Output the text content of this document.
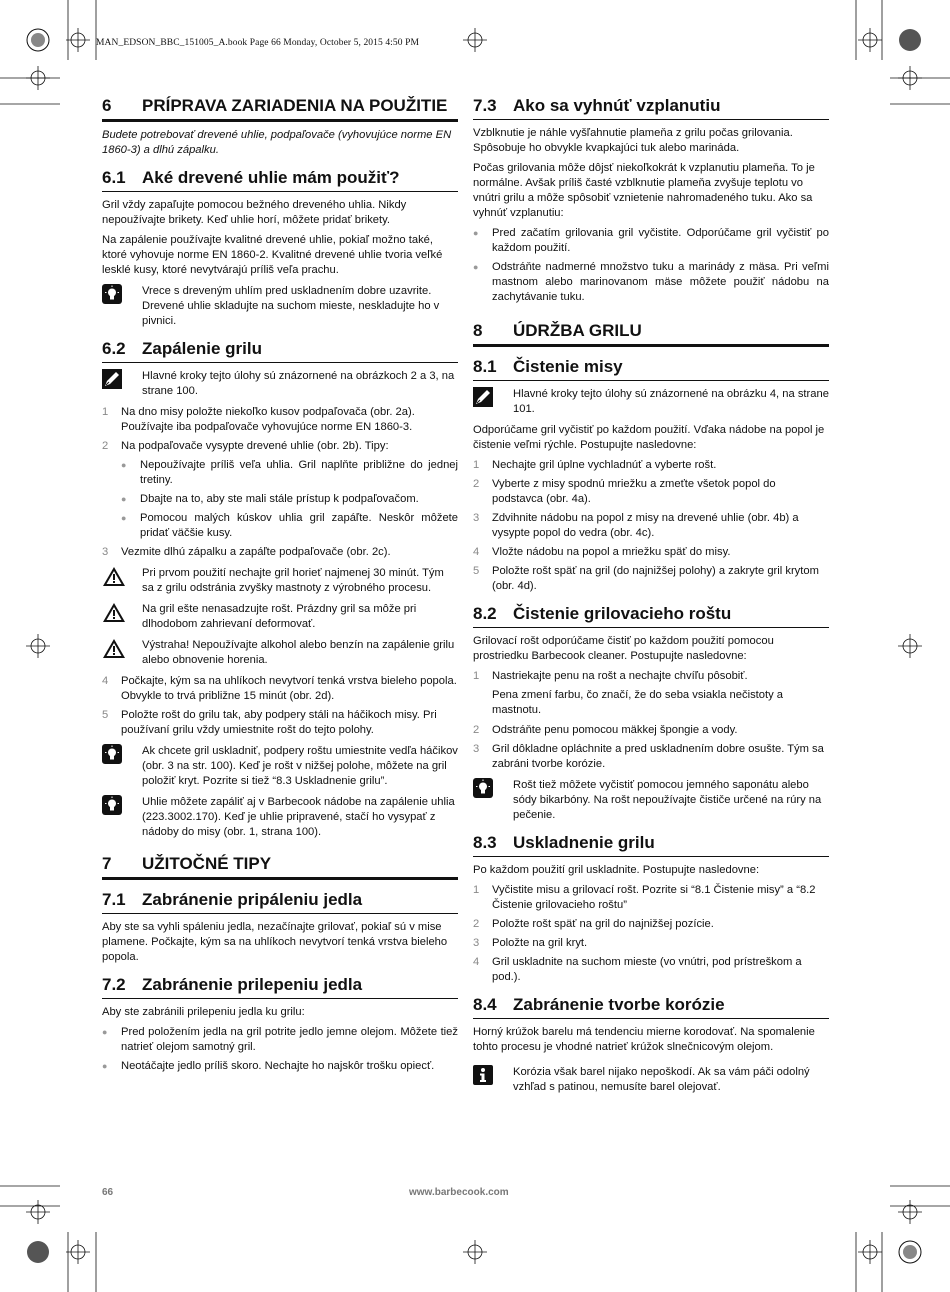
MAN_EDSON_BBC_151005_A.book Page 66 Monday, October 5, 2015 4:50 PM
6	PRÍPRAVA ZARIADENIA NA POUŽITIE

Budete potrebovať drevené uhlie, podpaľovače (vyhovujúce norme EN 1860-3) a dlhú zápalku.

6.1 Aké drevené uhlie mám použiť?

Gril vždy zapaľujte pomocou bežného dreveného uhlia. Nikdy nepoužívajte brikety. Keď uhlie horí, môžete pridať brikety.

Na zapálenie používajte kvalitné drevené uhlie, pokiaľ možno také, ktoré vyhovuje norme EN 1860-2. Kvalitné drevené uhlie tvoria veľké lesklé kusy, ktoré nevytvárajú príliš veľa prachu.

Vrece s dreveným uhlím pred uskladnením dobre uzavrite. Drevené uhlie skladujte na suchom mieste, neskladujte ho v pivnici.
6.2 Zapálenie grilu
Hlavné kroky tejto úlohy sú znázornené na obrázkoch 2 a 3, na strane 100.
1	Na dno misy položte niekoľko kusov podpaľovača (obr. 2a). Používajte iba podpaľovače vyhovujúce norme EN 1860-3.
2	Na podpaľovače vysypte drevené uhlie (obr. 2b). Tipy:
●	Nepoužívajte príliš veľa uhlia. Gril naplňte približne do jednej tretiny.
●	Dbajte na to, aby ste mali stále prístup k podpaľovačom.
●	Pomocou malých kúskov uhlia gril zapáľte. Neskôr môžete pridať väčšie kusy.
3	Vezmite dlhú zápalku a zapáľte podpaľovače (obr. 2c).
Pri prvom použití nechajte gril horieť najmenej 30 minút. Tým sa z grilu odstránia zvyšky mastnoty z výrobného procesu.
Na gril ešte nenasadzujte rošt. Prázdny gril sa môže pri dlhodobom zahrievaní deformovať.
Výstraha! Nepoužívajte alkohol alebo benzín na zapálenie grilu alebo obnovenie horenia.
4	Počkajte, kým sa na uhlíkoch nevytvorí tenká vrstva bieleho popola. Obvykle to trvá približne 15 minút (obr. 2d).
5	Položte rošt do grilu tak, aby podpery stáli na háčikoch misy. Pri používaní grilu vždy umiestnite rošt do tejto polohy.
Ak chcete gril uskladniť, podpery roštu umiestnite vedľa háčikov (obr. 3 na str. 100). Keď je rošt v nižšej polohe, môžete na gril položiť kryt. Pozrite si tiež “8.3 Uskladnenie grilu”.
Uhlie môžete zapáliť aj v Barbecook nádobe na zapálenie uhlia (223.3002.170). Keď je uhlie pripravené, stačí ho vysypať z nádoby do misy (obr. 1, strana 100).
7	UŽITOČNÉ TIPY
7.1 Zabránenie pripáleniu jedla

Aby ste sa vyhli spáleniu jedla, nezačínajte grilovať, pokiaľ sú v mise plamene. Počkajte, kým sa na uhlíkoch nevytvorí tenká vrstva bieleho popola.

7.2 Zabránenie prilepeniu jedla

Aby ste zabránili prilepeniu jedla ku grilu:

●	Pred položením jedla na gril potrite jedlo jemne olejom. Môžete tiež natrieť olejom samotný gril.
●	Neotáčajte jedlo príliš skoro. Nechajte ho najskôr trošku opiecť.
7.3 Ako sa vyhnúť vzplanutiu

Vzblknutie je náhle vyšľahnutie plameňa z grilu počas grilovania. Spôsobuje ho obvykle kvapkajúci tuk alebo marináda.

Počas grilovania môže dôjsť niekoľkokrát k vzplanutiu plameňa. To je normálne. Avšak príliš časté vzblknutie plameňa zvyšuje teplotu vo vnútri grilu a môže spôsobiť vznietenie nahromadeného tuku. Ako sa vyhnúť vzplanutiu:

●	Pred začatím grilovania gril vyčistite. Odporúčame gril vyčistiť po každom použití.
●	Odstráňte nadmerné množstvo tuku a marinády z mäsa. Pri veľmi mastnom alebo marinovanom mäse môžete použiť nádobu na zachytávanie tuku.
8	ÚDRŽBA GRILU
8.1 Čistenie misy
Hlavné kroky tejto úlohy sú znázornené na obrázku 4, na strane 101.

Odporúčame gril vyčistiť po každom použití. Vďaka nádobe na popol je čistenie veľmi rýchle. Postupujte nasledovne:

1	Nechajte gril úplne vychladnúť a vyberte rošt.
2	Vyberte z misy spodnú mriežku a zmeťte všetok popol do podstavca (obr. 4a).
3	Zdvihnite nádobu na popol z misy na drevené uhlie (obr. 4b) a vysypte popol do vedra (obr. 4c).
4	Vložte nádobu na popol a mriežku späť do misy.
5	Položte rošt späť na gril (do najnižšej polohy) a zakryte gril krytom (obr. 4d).
8.2 Čistenie grilovacieho roštu

Grilovací rošt odporúčame čistiť po každom použití pomocou prostriedku Barbecook cleaner. Postupujte nasledovne:

1	Nastriekajte penu na rošt a nechajte chvíľu pôsobiť.

Pena zmení farbu, čo značí, že do seba vsiakla nečistoty a mastnotu.

2	Odstráňte penu pomocou mäkkej špongie a vody.
3	Gril dôkladne opláchnite a pred uskladnením dobre osušte. Tým sa zabráni tvorbe korózie.
Rošt tiež môžete vyčistiť pomocou jemného saponátu alebo sódy bikarbóny. Na rošt nepoužívajte čističe určené na rúry na pečenie.
8.3 Uskladnenie grilu

Po každom použití gril uskladnite. Postupujte nasledovne:

1	Vyčistite misu a grilovací rošt. Pozrite si “8.1 Čistenie misy” a “8.2 Čistenie grilovacieho roštu”
2	Položte rošt späť na gril do najnižšej pozície.
3	Položte na gril kryt.
4	Gril uskladnite na suchom mieste (vo vnútri, pod prístreškom a pod.).
8.4 Zabránenie tvorbe korózie

Horný krúžok barelu má tendenciu mierne korodovať. Na spomalenie tohto procesu je vhodné natrieť krúžok slnečnicovým olejom.

Korózia však barel nijako nepoškodí. Ak sa vám páči odolný vzhľad s patinou, nemusíte barel olejovať.
66	www.barbecook.com
